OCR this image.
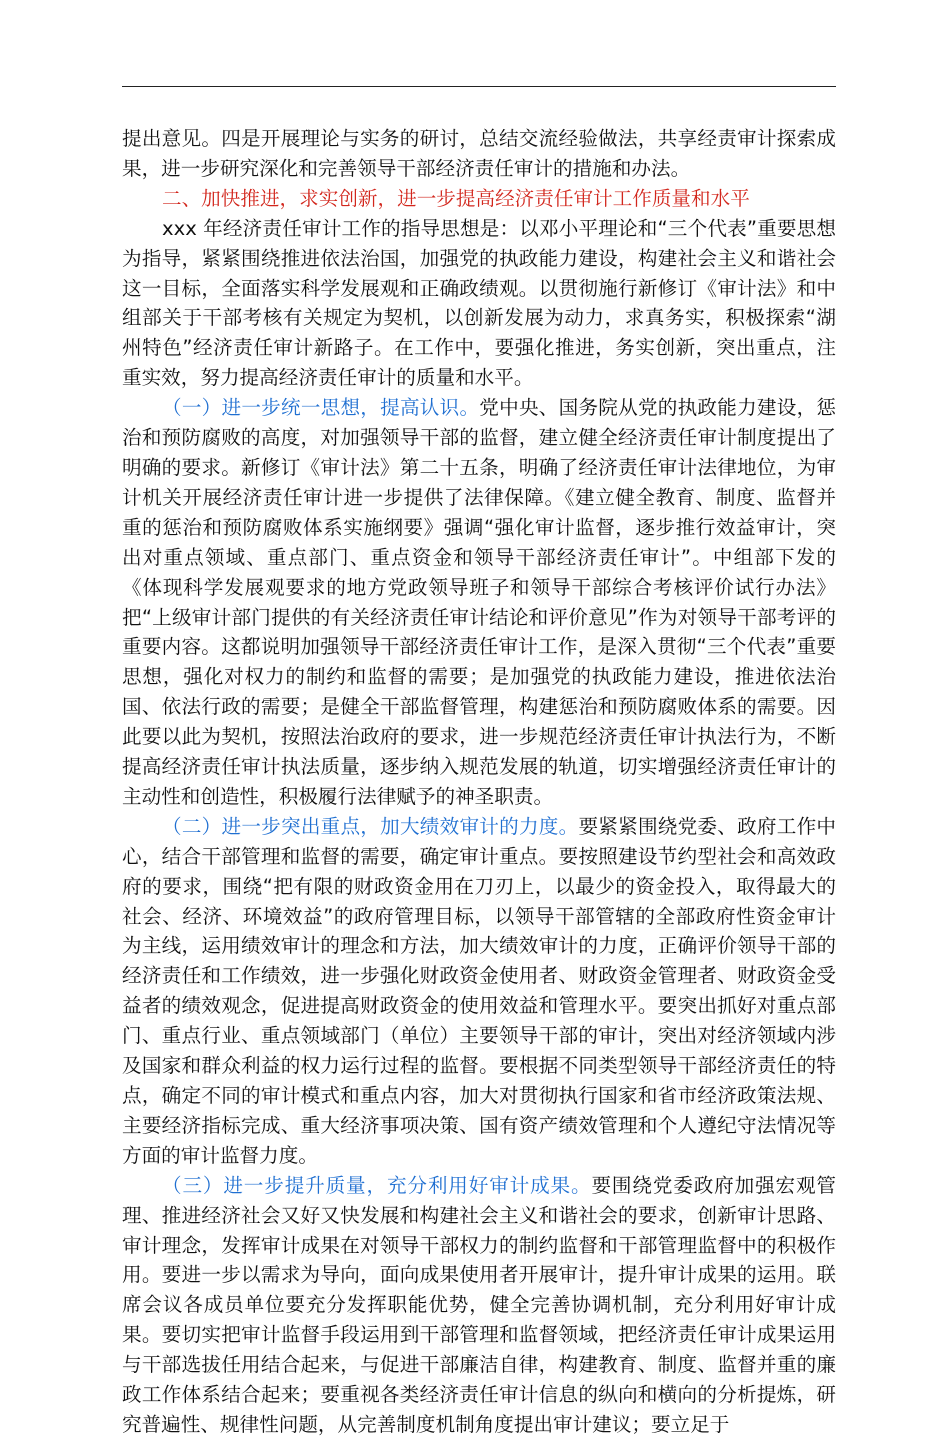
提出意见。四是开展理论与实务的研讨，总结交流经验做法，共享经责审计探索成果，进一步研究深化和完善领导干部经济责任审计的措施和办法。

二、加快推进，求实创新，进一步提高经济责任审计工作质量和水平

xxx 年经济责任审计工作的指导思想是：以邓小平理论和“三个代表”重要思想为指导，紧紧围绕推进依法治国，加强党的执政能力建设，构建社会主义和谐社会这一目标，全面落实科学发展观和正确政绩观。以贯彻施行新修订《审计法》和中组部关于干部考核有关规定为契机，以创新发展为动力，求真务实，积极探索“湖州特色”经济责任审计新路子。在工作中，要强化推进，务实创新，突出重点，注重实效，努力提高经济责任审计的质量和水平。

（一）进一步统一思想，提高认识。党中央、国务院从党的执政能力建设，惩治和预防腐败的高度，对加强领导干部的监督，建立健全经济责任审计制度提出了明确的要求。新修订《审计法》第二十五条，明确了经济责任审计法律地位，为审计机关开展经济责任审计进一步提供了法律保障。《建立健全教育、制度、监督并重的惩治和预防腐败体系实施纲要》强调“强化审计监督，逐步推行效益审计，突出对重点领域、重点部门、重点资金和领导干部经济责任审计”。中组部下发的《体现科学发展观要求的地方党政领导班子和领导干部综合考核评价试行办法》把“上级审计部门提供的有关经济责任审计结论和评价意见”作为对领导干部考评的重要内容。这都说明加强领导干部经济责任审计工作，是深入贯彻“三个代表”重要思想，强化对权力的制约和监督的需要；是加强党的执政能力建设，推进依法治国、依法行政的需要；是健全干部监督管理，构建惩治和预防腐败体系的需要。因此要以此为契机，按照法治政府的要求，进一步规范经济责任审计执法行为，不断提高经济责任审计执法质量，逐步纳入规范发展的轨道，切实增强经济责任审计的主动性和创造性，积极履行法律赋予的神圣职责。

（二）进一步突出重点，加大绩效审计的力度。要紧紧围绕党委、政府工作中心，结合干部管理和监督的需要，确定审计重点。要按照建设节约型社会和高效政府的要求，围绕“把有限的财政资金用在刀刃上，以最少的资金投入，取得最大的社会、经济、环境效益”的政府管理目标，以领导干部管辖的全部政府性资金审计为主线，运用绩效审计的理念和方法，加大绩效审计的力度，正确评价领导干部的经济责任和工作绩效，进一步强化财政资金使用者、财政资金管理者、财政资金受益者的绩效观念，促进提高财政资金的使用效益和管理水平。要突出抓好对重点部门、重点行业、重点领域部门（单位）主要领导干部的审计，突出对经济领域内涉及国家和群众利益的权力运行过程的监督。要根据不同类型领导干部经济责任的特点，确定不同的审计模式和重点内容，加大对贯彻执行国家和省市经济政策法规、主要经济指标完成、重大经济事项决策、国有资产绩效管理和个人遵纪守法情况等方面的审计监督力度。

（三）进一步提升质量，充分利用好审计成果。要围绕党委政府加强宏观管理、推进经济社会又好又快发展和构建社会主义和谐社会的要求，创新审计思路、审计理念，发挥审计成果在对领导干部权力的制约监督和干部管理监督中的积极作用。要进一步以需求为导向，面向成果使用者开展审计，提升审计成果的运用。联席会议各成员单位要充分发挥职能优势，健全完善协调机制，充分利用好审计成果。要切实把审计监督手段运用到干部管理和监督领域，把经济责任审计成果运用与干部选拔任用结合起来，与促进干部廉洁自律，构建教育、制度、监督并重的廉政工作体系结合起来；要重视各类经济责任审计信息的纵向和横向的分析提炼，研究普遍性、规律性问题，从完善制度机制角度提出审计建议；要立足于
